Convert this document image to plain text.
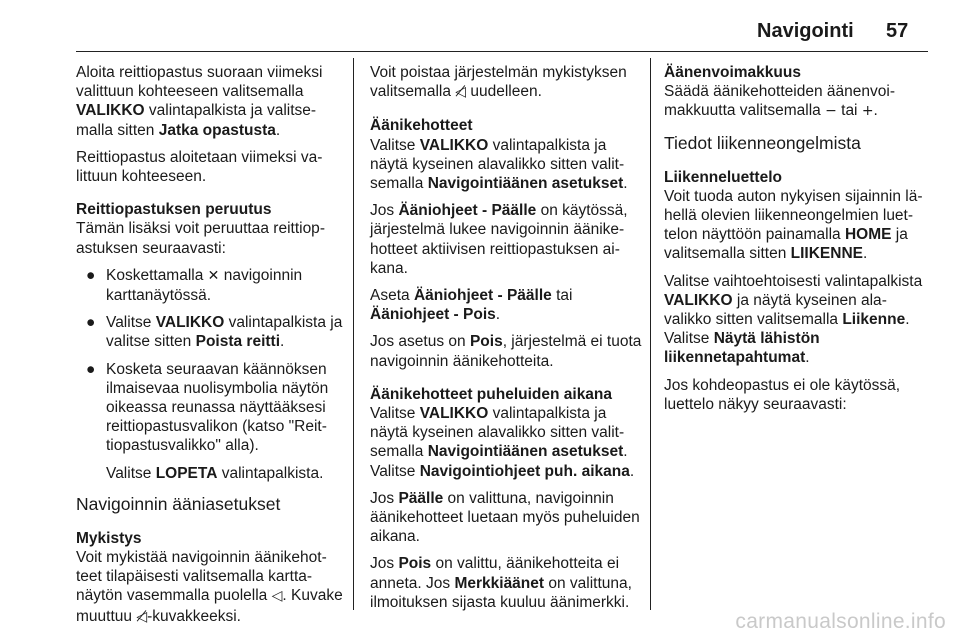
Navigointi 57

Aloita reittiopastus suoraan viimeksi valittuun kohteeseen valitsemalla VALIKKO valintapalkista ja valitsemalla sitten Jatka opastusta.

Reittiopastus aloitetaan viimeksi valittuun kohteeseen.

Reittiopastuksen peruutus

Tämän lisäksi voit peruuttaa reittiopastuksen seuraavasti:

● Koskettamalla ✕ navigoinnin karttanäytössä.
● Valitse VALIKKO valintapalkista ja valitse sitten Poista reitti.
● Kosketa seuraavan käännöksen ilmaisevaa nuolisymbolia näytön oikeassa reunassa näyttääksesi reittiopastusvalikon (katso "Reittiopastusvalikko" alla).

Valitse LOPETA valintapalkista.

Navigoinnin ääniasetukset
Mykistys

Voit mykistää navigoinnin äänikehotteet tilapäisesti valitsemalla karttanäytön vasemmalla puolella ◁. Kuvake muuttuu ◁̸-kuvakkeeksi.

Voit poistaa järjestelmän mykistyksen valitsemalla ◁̸ uudelleen.

Äänikehotteet

Valitse VALIKKO valintapalkista ja näytä kyseinen alavalikko sitten valitsemalla Navigointiäänen asetukset.

Jos Ääniohjeet - Päälle on käytössä, järjestelmä lukee navigoinnin äänikehotteet aktiivisen reittiopastuksen aikana.

Aseta Ääniohjeet - Päälle tai Ääniohjeet - Pois.

Jos asetus on Pois, järjestelmä ei tuota navigoinnin äänikehotteita.

Äänikehotteet puheluiden aikana

Valitse VALIKKO valintapalkista ja näytä kyseinen alavalikko sitten valitsemalla Navigointiäänen asetukset. Valitse Navigointiohjeet puh. aikana.

Jos Päälle on valittuna, navigoinnin äänikehotteet luetaan myös puheluiden aikana.

Jos Pois on valittu, äänikehotteita ei anneta. Jos Merkkiäänet on valittuna, ilmoituksen sijasta kuuluu äänimerkki.

Äänenvoimakkuus

Säädä äänikehotteiden äänenvoimakkuutta valitsemalla − tai +.

Tiedot liikenneongelmista
Liikenneluettelo

Voit tuoda auton nykyisen sijainnin lähellä olevien liikenneongelmien luettelon näyttöön painamalla HOME ja valitsemalla sitten LIIKENNE.

Valitse vaihtoehtoisesti valintapalkista VALIKKO ja näytä kyseinen alavalikko sitten valitsemalla Liikenne. Valitse Näytä lähistön liikennetapahtumat.

Jos kohdeopastus ei ole käytössä, luettelo näkyy seuraavasti:

carmanualsonline.info
